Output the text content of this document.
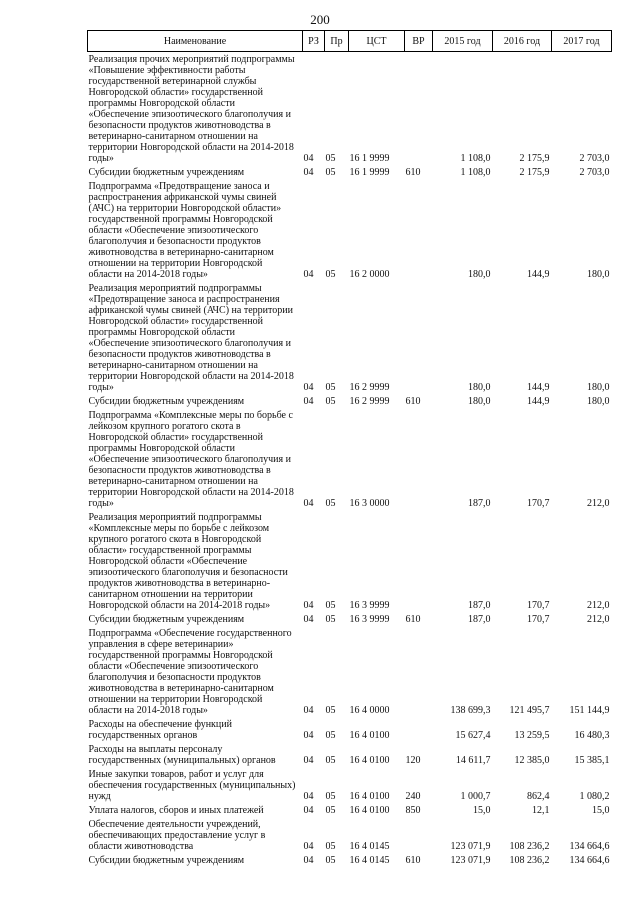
200
Наименование	РЗ	Пр	ЦСТ	ВР	2015 год	2016 год	2017 год
Реализация прочих мероприятий подпрограммы «Повышение эффективности работы государственной ветеринарной службы Новгородской области» государственной программы Новгородской области «Обеспечение эпизоотического благополучия и безопасности продуктов животноводства в ветеринарно-санитарном отношении на территории Новгородской области на 2014-2018 годы»	04	05	16 1 9999		1 108,0	2 175,9	2 703,0
Субсидии бюджетным учреждениям	04	05	16 1 9999	610	1 108,0	2 175,9	2 703,0
Подпрограмма «Предотвращение заноса и распространения африканской чумы свиней (АЧС) на территории Новгородской области» государственной программы Новгородской области «Обеспечение эпизоотического благополучия и безопасности продуктов животноводства в ветеринарно-санитарном отношении на территории Новгородской области на 2014-2018 годы»	04	05	16 2 0000		180,0	144,9	180,0
Реализация мероприятий подпрограммы «Предотвращение заноса и распространения африканской чумы свиней (АЧС) на территории Новгородской области» государственной программы Новгородской области «Обеспечение эпизоотического благополучия и безопасности продуктов животноводства в ветеринарно-санитарном отношении на территории Новгородской области на 2014-2018 годы»	04	05	16 2 9999		180,0	144,9	180,0
Субсидии бюджетным учреждениям	04	05	16 2 9999	610	180,0	144,9	180,0
Подпрограмма «Комплексные меры по борьбе с лейкозом крупного рогатого скота в Новгородской области» государственной программы Новгородской области «Обеспечение эпизоотического благополучия и безопасности продуктов животноводства в ветеринарно-санитарном отношении на территории Новгородской области на 2014-2018 годы»	04	05	16 3 0000		187,0	170,7	212,0
Реализация мероприятий подпрограммы «Комплексные меры по борьбе с лейкозом крупного рогатого скота в Новгородской области» государственной программы Новгородской области «Обеспечение эпизоотического благополучия и безопасности продуктов животноводства в ветеринарно-санитарном отношении на территории Новгородской области на 2014-2018 годы»	04	05	16 3 9999		187,0	170,7	212,0
Субсидии бюджетным учреждениям	04	05	16 3 9999	610	187,0	170,7	212,0
Подпрограмма «Обеспечение государственного управления в сфере ветеринарии» государственной программы Новгородской области «Обеспечение эпизоотического благополучия и безопасности продуктов животноводства в ветеринарно-санитарном отношении на территории Новгородской области на 2014-2018 годы»	04	05	16 4 0000		138 699,3	121 495,7	151 144,9
Расходы на обеспечение функций государственных органов	04	05	16 4 0100		15 627,4	13 259,5	16 480,3
Расходы на выплаты персоналу государственных (муниципальных) органов	04	05	16 4 0100	120	14 611,7	12 385,0	15 385,1
Иные закупки товаров, работ и услуг для обеспечения государственных (муниципальных) нужд	04	05	16 4 0100	240	1 000,7	862,4	1 080,2
Уплата налогов, сборов и иных платежей	04	05	16 4 0100	850	15,0	12,1	15,0
Обеспечение деятельности учреждений, обеспечивающих предоставление услуг в области животноводства	04	05	16 4 0145		123 071,9	108 236,2	134 664,6
Субсидии бюджетным учреждениям	04	05	16 4 0145	610	123 071,9	108 236,2	134 664,6
